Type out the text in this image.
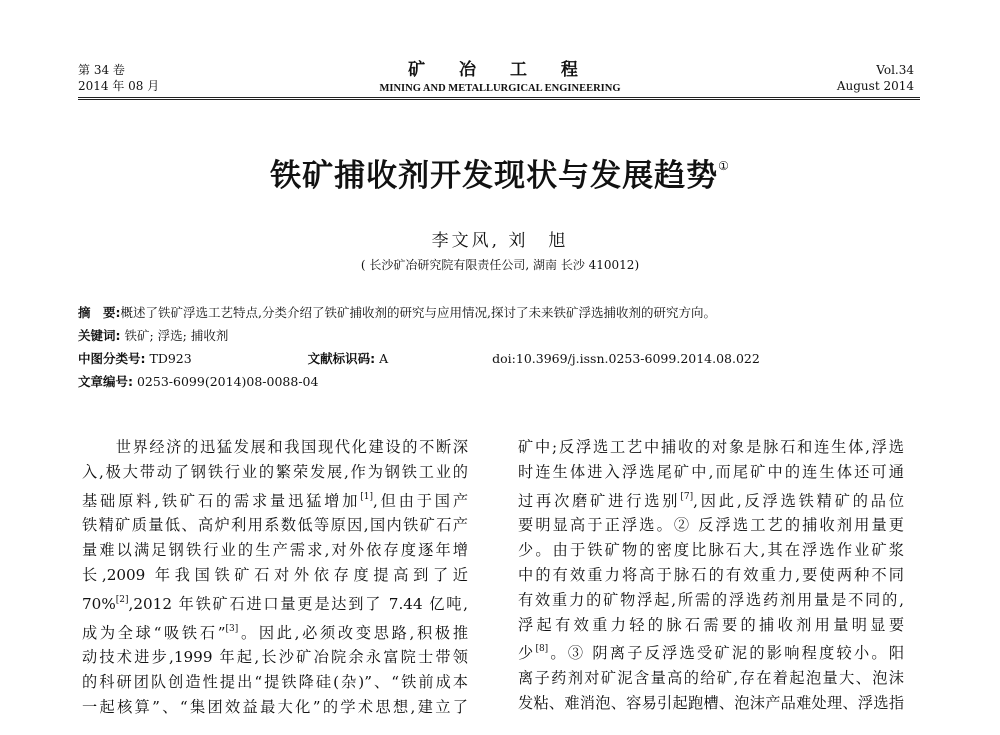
第 34 卷
2014 年 08 月
矿 冶 工 程
MINING AND METALLURGICAL ENGINEERING
Vol.34
August 2014
铁矿捕收剂开发现状与发展趋势①
李文风, 刘　旭
( 长沙矿冶研究院有限责任公司, 湖南 长沙 410012)
摘　要:概述了铁矿浮选工艺特点,分类介绍了铁矿捕收剂的研究与应用情况,探讨了未来铁矿浮选捕收剂的研究方向。
关键词: 铁矿; 浮选; 捕收剂
中图分类号: TD923	文献标识码: A	doi:10.3969/j.issn.0253-6099.2014.08.022
文章编号: 0253-6099(2014)08-0088-04

　　世界经济的迅猛发展和我国现代化建设的不断深

入,极大带动了钢铁行业的繁荣发展,作为钢铁工业的

基础原料,铁矿石的需求量迅猛增加[1],但由于国产

铁精矿质量低、高炉利用系数低等原因,国内铁矿石产

量难以满足钢铁行业的生产需求,对外依存度逐年增

长,2009 年我国铁矿石对外依存度提高到了近

70%[2],2012 年铁矿石进口量更是达到了 7.44 亿吨,

成为全球“吸铁石”[3]。因此,必须改变思路,积极推

动技术进步,1999 年起,长沙矿冶院余永富院士带领

的科研团队创造性提出“提铁降硅(杂)”、“铁前成本

一起核算”、“集团效益最大化”的学术思想,建立了

矿中;反浮选工艺中捕收的对象是脉石和连生体,浮选

时连生体进入浮选尾矿中,而尾矿中的连生体还可通

过再次磨矿进行选别[7],因此,反浮选铁精矿的品位

要明显高于正浮选。② 反浮选工艺的捕收剂用量更

少。由于铁矿物的密度比脉石大,其在浮选作业矿浆

中的有效重力将高于脉石的有效重力,要使两种不同

有效重力的矿物浮起,所需的浮选药剂用量是不同的,

浮起有效重力轻的脉石需要的捕收剂用量明显要

少[8]。③ 阴离子反浮选受矿泥的影响程度较小。阳

离子药剂对矿泥含量高的给矿,存在着起泡量大、泡沫

发粘、难消泡、容易引起跑槽、泡沫产品难处理、浮选指
